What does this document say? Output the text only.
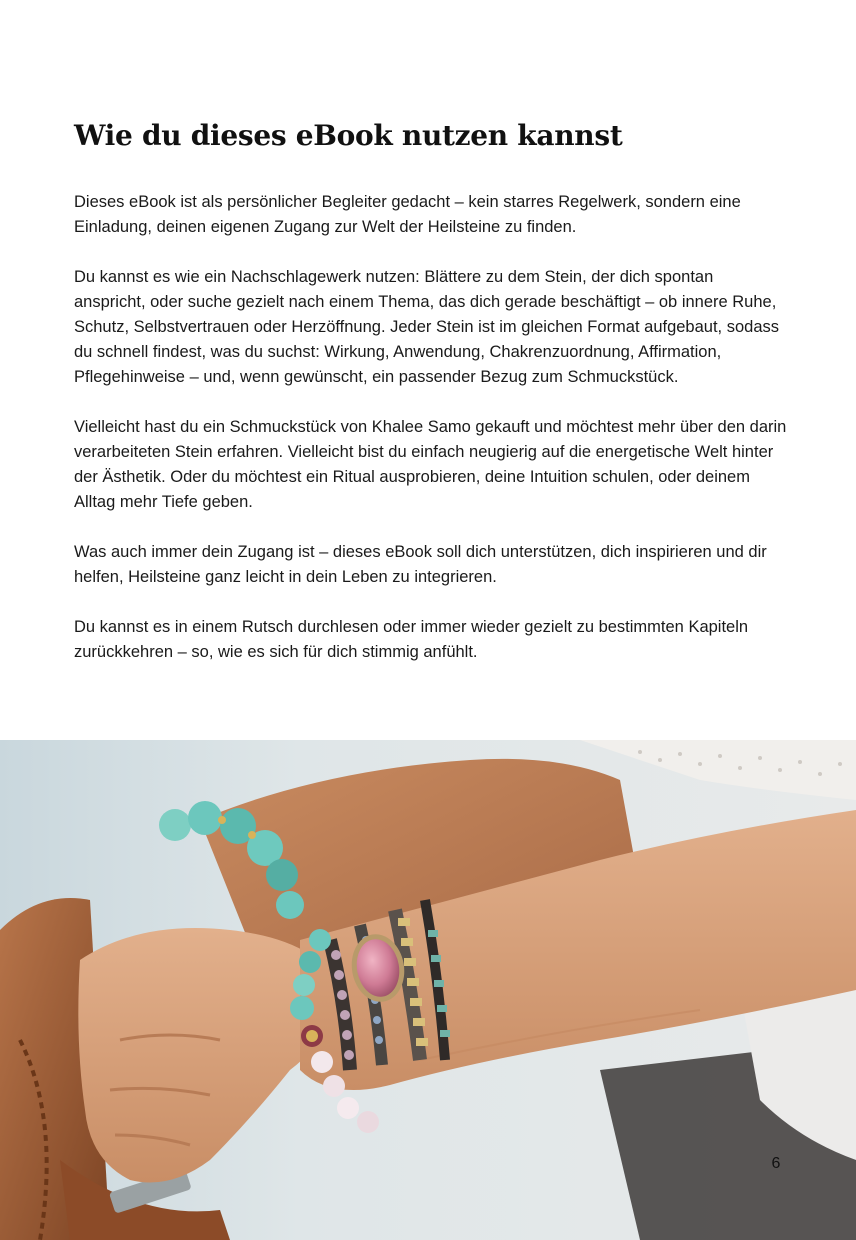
Wie du dieses eBook nutzen kannst

Dieses eBook ist als persönlicher Begleiter gedacht – kein starres Regelwerk, sondern eine Einladung, deinen eigenen Zugang zur Welt der Heilsteine zu finden.

Du kannst es wie ein Nachschlagewerk nutzen: Blättere zu dem Stein, der dich spontan anspricht, oder suche gezielt nach einem Thema, das dich gerade beschäftigt – ob innere Ruhe, Schutz, Selbstvertrauen oder Herzöffnung. Jeder Stein ist im gleichen Format aufgebaut, sodass du schnell findest, was du suchst: Wirkung, Anwendung, Chakrenzuordnung, Affirmation, Pflegehinweise – und, wenn gewünscht, ein passender Bezug zum Schmuckstück.

Vielleicht hast du ein Schmuckstück von Khalee Samo gekauft und möchtest mehr über den darin verarbeiteten Stein erfahren. Vielleicht bist du einfach neugierig auf die energetische Welt hinter der Ästhetik. Oder du möchtest ein Ritual ausprobieren, deine Intuition schulen, oder deinem Alltag mehr Tiefe geben.

Was auch immer dein Zugang ist – dieses eBook soll dich unterstützen, dich inspirieren und dir helfen, Heilsteine ganz leicht in dein Leben zu integrieren.

Du kannst es in einem Rutsch durchlesen oder immer wieder gezielt zu bestimmten Kapiteln zurückkehren – so, wie es sich für dich stimmig anfühlt.

6
